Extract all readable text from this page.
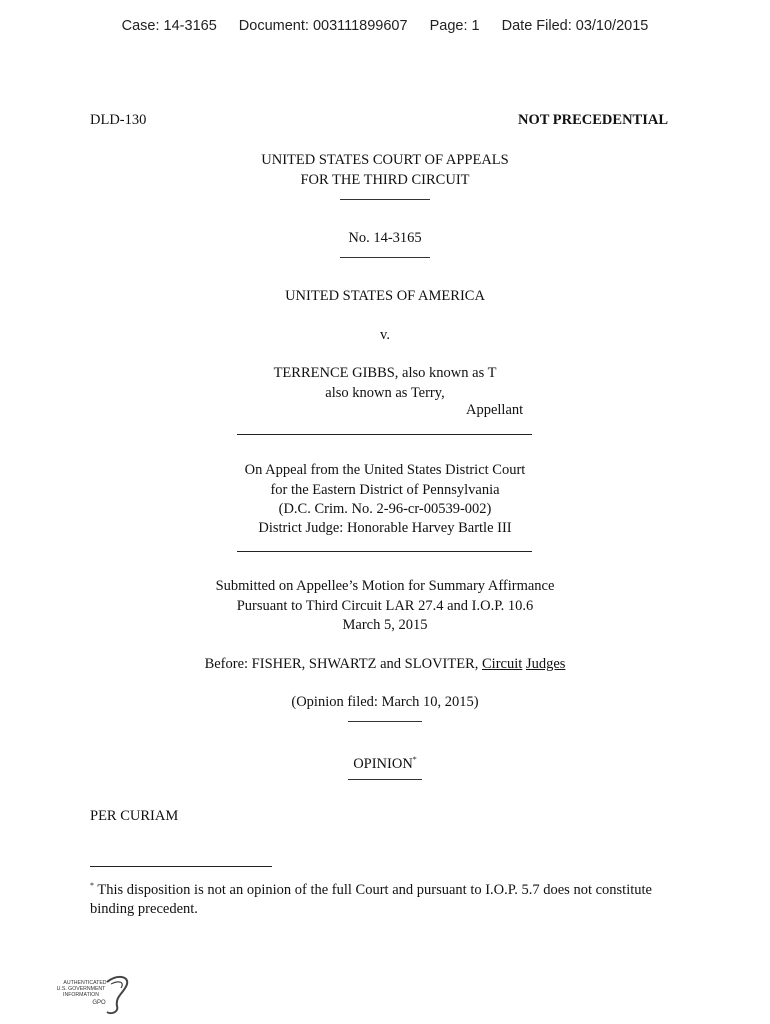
Case: 14-3165 Document: 003111899607 Page: 1 Date Filed: 03/10/2015
DLD-130	NOT PRECEDENTIAL
UNITED STATES COURT OF APPEALS
FOR THE THIRD CIRCUIT
No. 14-3165
UNITED STATES OF AMERICA
v.
TERRENCE GIBBS, also known as T
also known as Terry,
Appellant
On Appeal from the United States District Court
for the Eastern District of Pennsylvania
(D.C. Crim. No. 2-96-cr-00539-002)
District Judge: Honorable Harvey Bartle III
Submitted on Appellee’s Motion for Summary Affirmance
Pursuant to Third Circuit LAR 27.4 and I.O.P. 10.6
March 5, 2015
Before: FISHER, SHWARTZ and SLOVITER, Circuit Judges
(Opinion filed: March 10, 2015)
OPINION*
PER CURIAM
* This disposition is not an opinion of the full Court and pursuant to I.O.P. 5.7 does not constitute binding precedent.
AUTHENTICATED
U.S. GOVERNMENT
INFORMATION
GPO
